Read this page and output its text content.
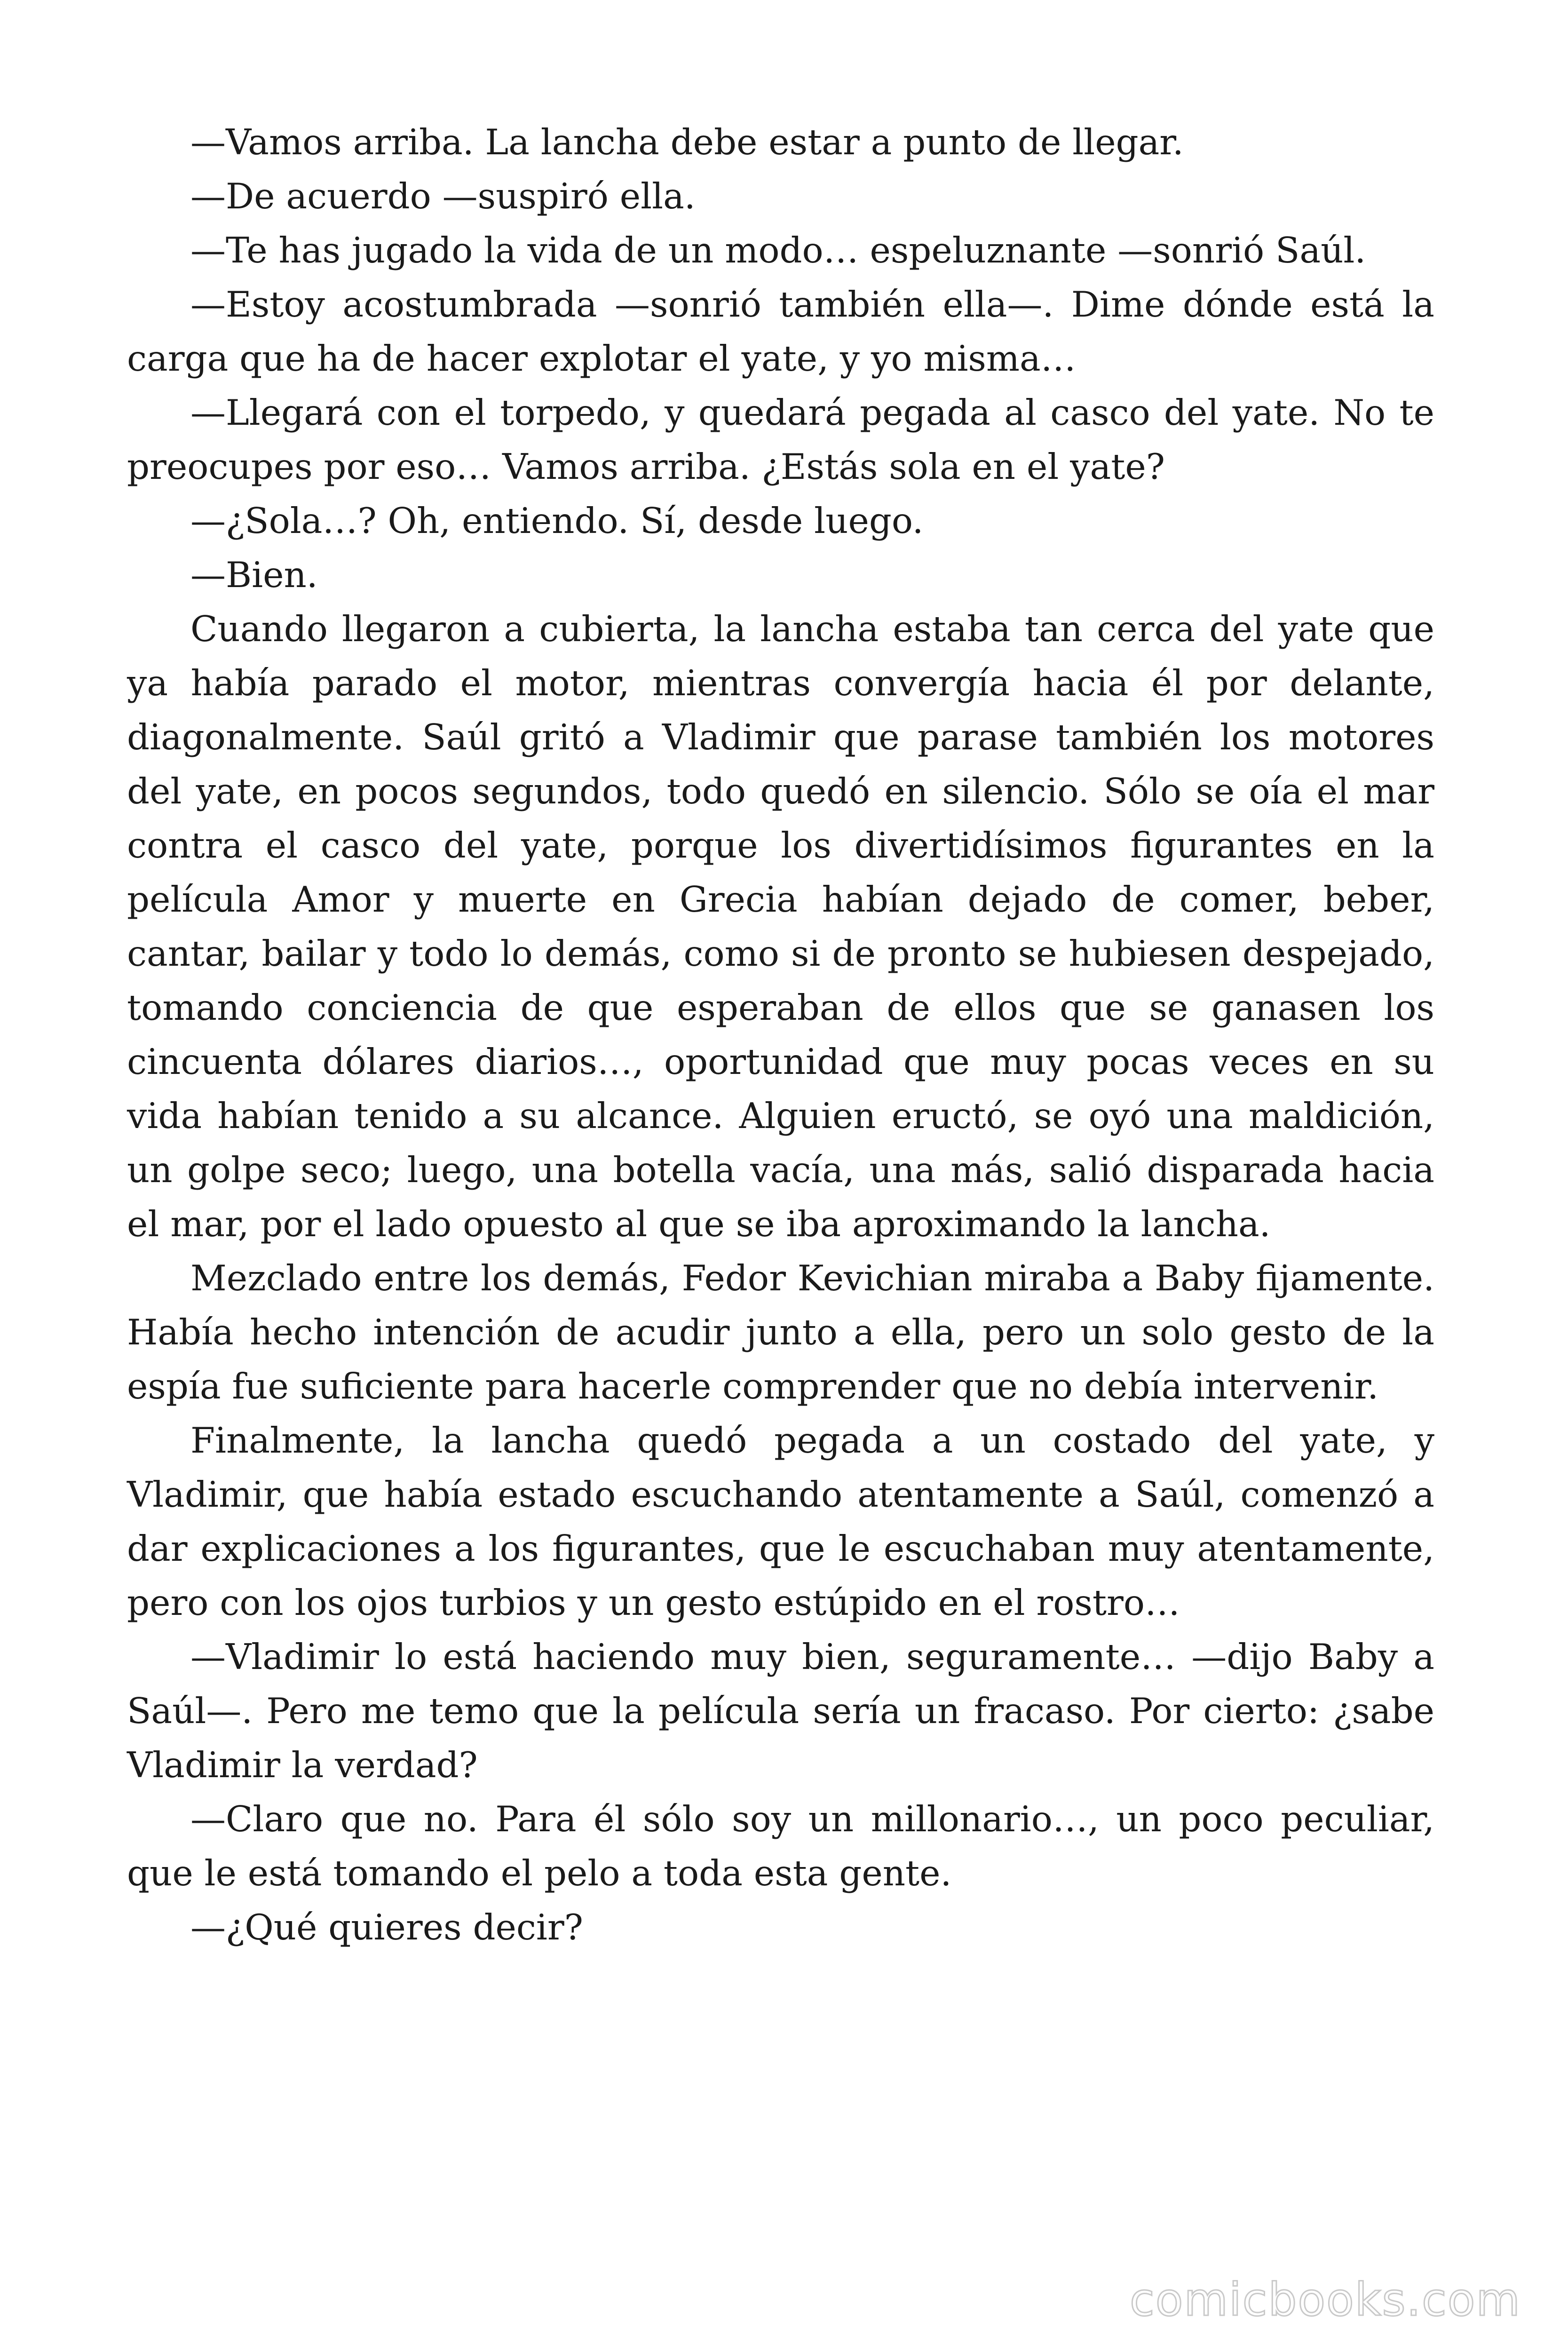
—Vamos arriba. La lancha debe estar a punto de llegar.

—De acuerdo —suspiró ella.

—Te has jugado la vida de un modo… espeluznante —sonrió Saúl.

—Estoy acostumbrada —sonrió también ella—. Dime dónde está la carga que ha de hacer explotar el yate, y yo misma…

—Llegará con el torpedo, y quedará pegada al casco del yate. No te preocupes por eso… Vamos arriba. ¿Estás sola en el yate?

—¿Sola…? Oh, entiendo. Sí, desde luego.

—Bien.

Cuando llegaron a cubierta, la lancha estaba tan cerca del yate que ya había parado el motor, mientras convergía hacia él por delante, diagonalmente. Saúl gritó a Vladimir que parase también los motores del yate, en pocos segundos, todo quedó en silencio. Sólo se oía el mar contra el casco del yate, porque los divertidísimos figurantes en la película Amor y muerte en Grecia habían dejado de comer, beber, cantar, bailar y todo lo demás, como si de pronto se hubiesen despejado, tomando conciencia de que esperaban de ellos que se ganasen los cincuenta dólares diarios…, oportunidad que muy pocas veces en su vida habían tenido a su alcance. Alguien eructó, se oyó una maldición, un golpe seco; luego, una botella vacía, una más, salió disparada hacia el mar, por el lado opuesto al que se iba aproximando la lancha.

Mezclado entre los demás, Fedor Kevichian miraba a Baby fijamente. Había hecho intención de acudir junto a ella, pero un solo gesto de la espía fue suficiente para hacerle comprender que no debía intervenir.

Finalmente, la lancha quedó pegada a un costado del yate, y Vladimir, que había estado escuchando atentamente a Saúl, comenzó a dar explicaciones a los figurantes, que le escuchaban muy atentamente, pero con los ojos turbios y un gesto estúpido en el rostro…

—Vladimir lo está haciendo muy bien, seguramente… —dijo Baby a Saúl—. Pero me temo que la película sería un fracaso. Por cierto: ¿sabe Vladimir la verdad?

—Claro que no. Para él sólo soy un millonario…, un poco peculiar, que le está tomando el pelo a toda esta gente.

—¿Qué quieres decir?

comicbooks.com
